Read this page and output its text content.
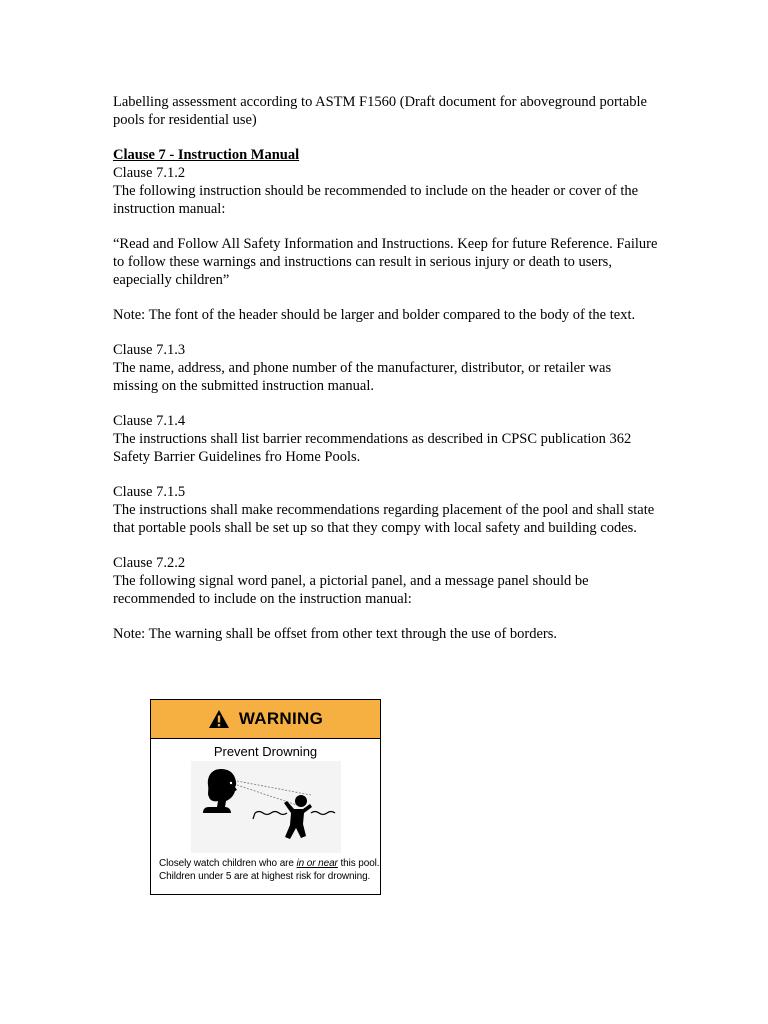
Labelling assessment according to ASTM F1560 (Draft document for aboveground portable pools for residential use)

Clause 7 - Instruction Manual

Clause 7.1.2

The following instruction should be recommended to include on the header or cover of the instruction manual:

“Read and Follow All Safety Information and Instructions. Keep for future Reference. Failure to follow these warnings and instructions can result in serious injury or death to users, eapecially children”

Note: The font of the header should be larger and bolder compared to the body of the text.

Clause 7.1.3

The name, address, and phone number of the manufacturer, distributor, or retailer was missing on the submitted instruction manual.

Clause 7.1.4

The instructions shall list barrier recommendations as described in CPSC publication 362 Safety Barrier Guidelines fro Home Pools.

Clause 7.1.5

The instructions shall make recommendations regarding placement of the pool and shall state that portable pools shall be set up so that they compy with local safety and building codes.

Clause 7.2.2

The following signal word panel, a pictorial panel, and a message panel should be recommended to include on the instruction manual:

Note: The warning shall be offset from other text through the use of borders.

WARNING
Prevent Drowning
Closely watch children who are in or near this pool.
Children under 5 are at highest risk for drowning.
